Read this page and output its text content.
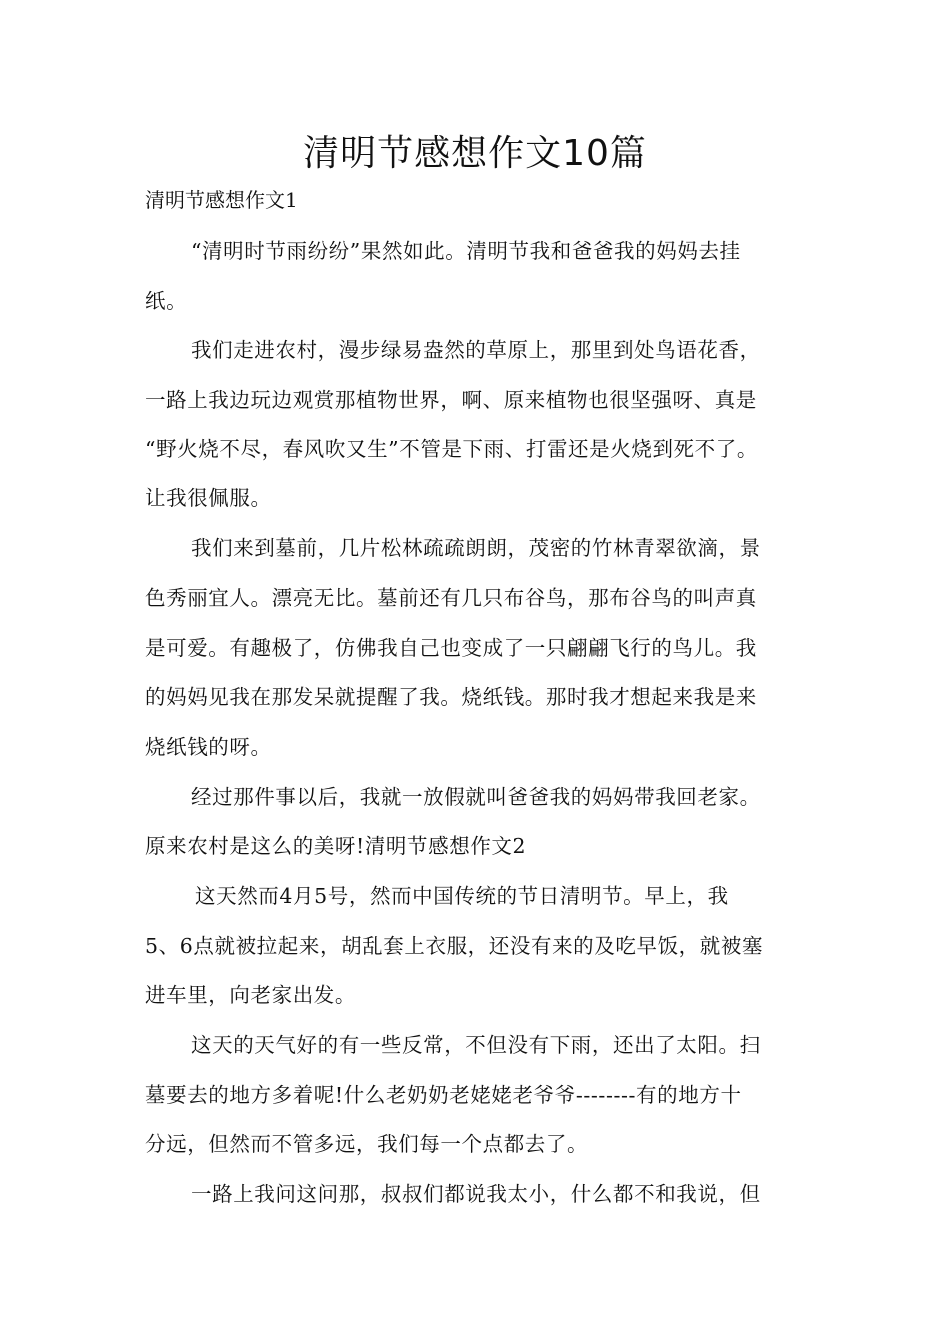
清明节感想作文10篇
清明节感想作文1
“清明时节雨纷纷”果然如此。清明节我和爸爸我的妈妈去挂
纸。
我们走进农村，漫步绿易盎然的草原上，那里到处鸟语花香，
一路上我边玩边观赏那植物世界，啊、原来植物也很坚强呀、真是
“野火烧不尽，春风吹又生”不管是下雨、打雷还是火烧到死不了。
让我很佩服。
我们来到墓前，几片松林疏疏朗朗，茂密的竹林青翠欲滴，景
色秀丽宜人。漂亮无比。墓前还有几只布谷鸟，那布谷鸟的叫声真
是可爱。有趣极了，仿佛我自己也变成了一只翩翩飞行的鸟儿。我
的妈妈见我在那发呆就提醒了我。烧纸钱。那时我才想起来我是来
烧纸钱的呀。
经过那件事以后，我就一放假就叫爸爸我的妈妈带我回老家。
原来农村是这么的美呀!清明节感想作文2
这天然而4月5号，然而中国传统的节日清明节。早上，我
5、6点就被拉起来，胡乱套上衣服，还没有来的及吃早饭，就被塞
进车里，向老家出发。
这天的天气好的有一些反常，不但没有下雨，还出了太阳。扫
墓要去的地方多着呢!什么老奶奶老姥姥老爷爷--------有的地方十
分远，但然而不管多远，我们每一个点都去了。
一路上我问这问那，叔叔们都说我太小，什么都不和我说，但
